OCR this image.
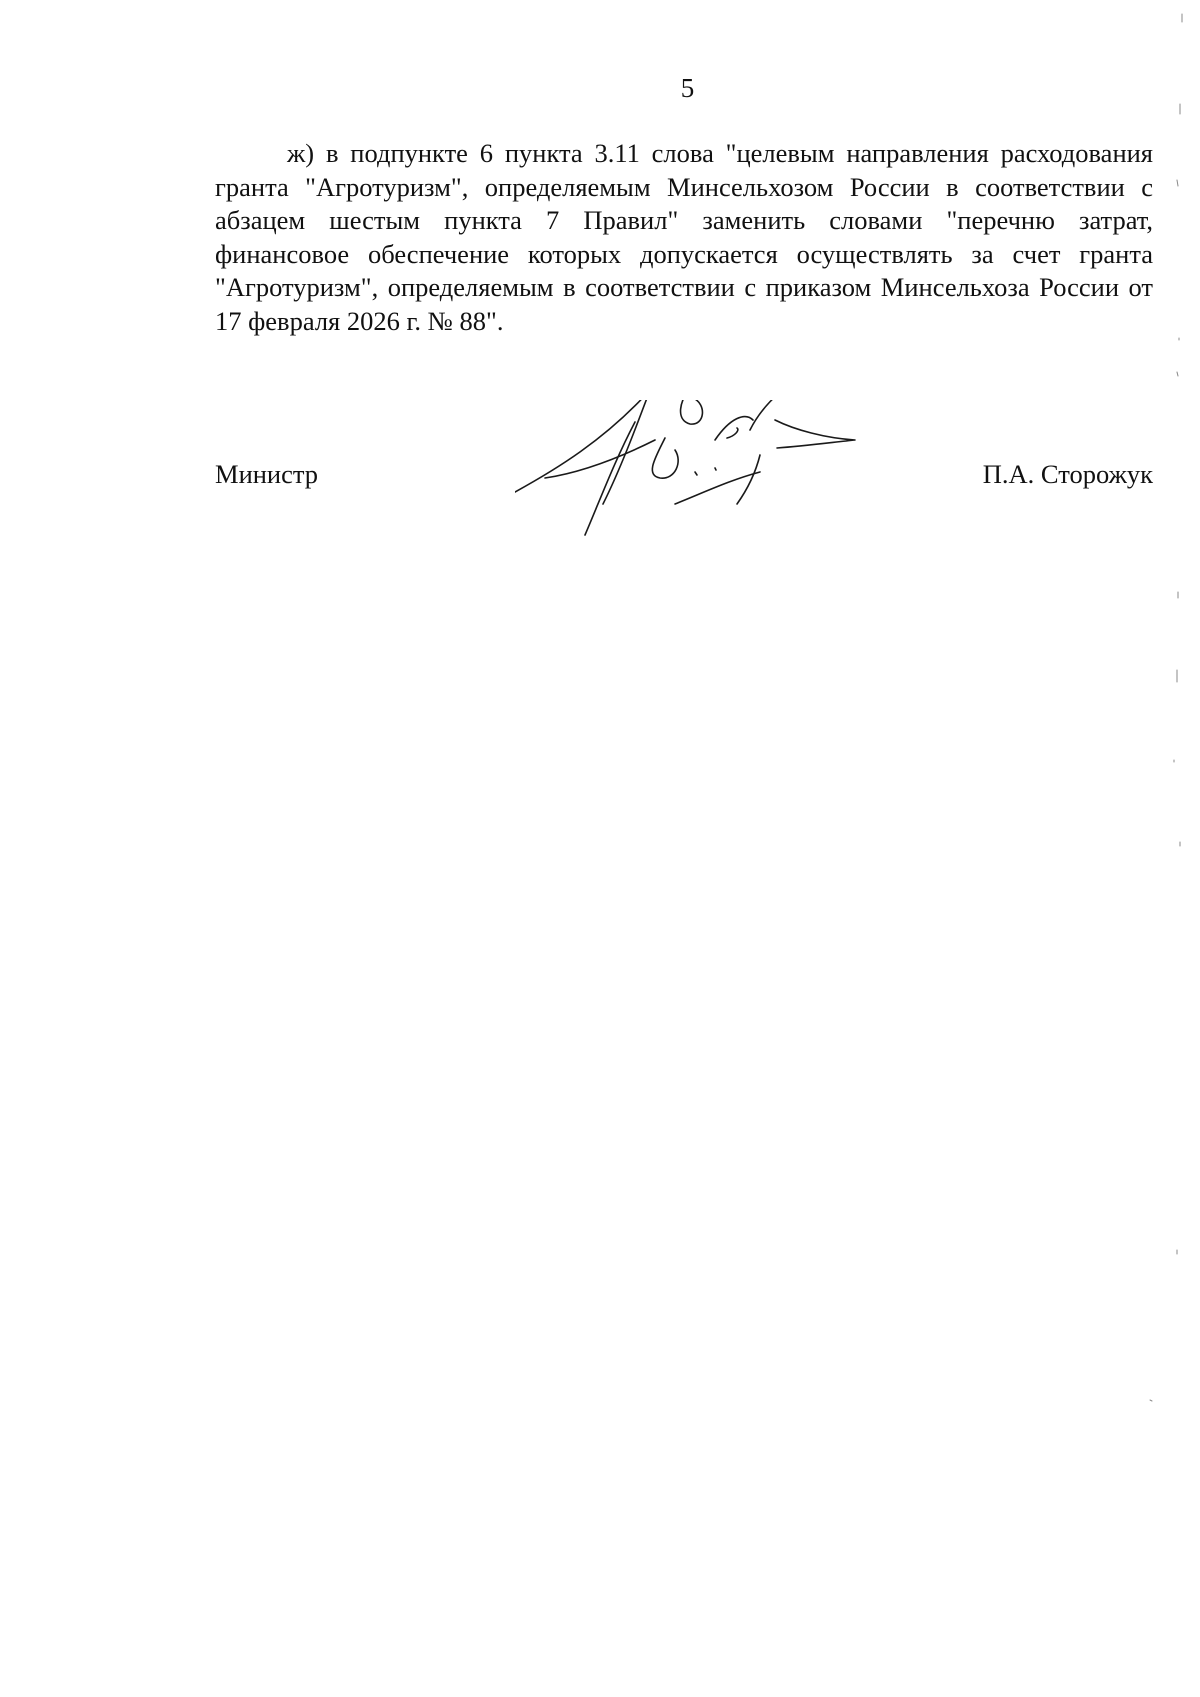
5

ж) в подпункте 6 пункта 3.11 слова "целевым направления расходования гранта "Агротуризм", определяемым Минсельхозом России в соответствии с абзацем шестым пункта 7 Правил" заменить словами "перечню затрат, финансовое обеспечение которых допускается осуществлять за счет гранта "Агротуризм", определяемым в соответствии с приказом Минсельхоза России от 17 февраля 2026 г. № 88".

Министр	П.А. Сторожук
